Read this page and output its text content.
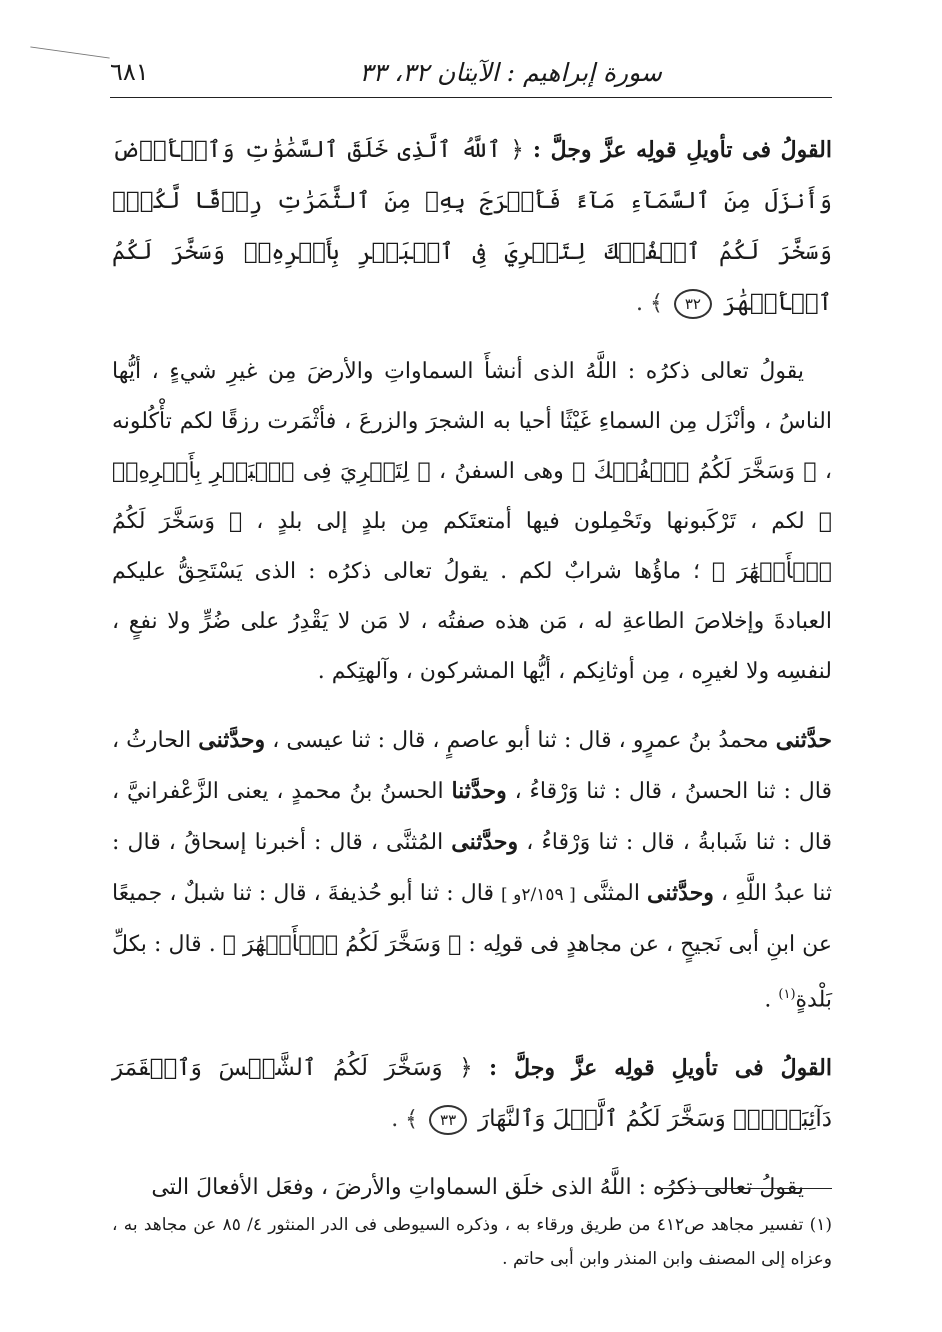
سورة إبراهيم : الآيتان ٣٢، ٣٣
٦٨١

القولُ فى تأويلِ قولِه عزَّ وجلَّ : ﴿ ٱللَّهُ ٱلَّذِى خَلَقَ ٱلسَّمَٰوَٰتِ وَٱلۡأَرۡضَ وَأَنزَلَ مِنَ ٱلسَّمَآءِ مَآءً فَأَخۡرَجَ بِهِۦ مِنَ ٱلثَّمَرَٰتِ رِزۡقًا لَّكُمۡۖ وَسَخَّرَ لَكُمُ ٱلۡفُلۡكَ لِتَجۡرِيَ فِى ٱلۡبَحۡرِ بِأَمۡرِهِۦۖ وَسَخَّرَ لَكُمُ ٱلۡأَنۡهَٰرَ ٣٢ ﴾ .

يقولُ تعالى ذكرُه : اللَّهُ الذى أنشأَ السماواتِ والأرضَ مِن غيرِ شيءٍ ، أيُّها الناسُ ، وأنْزَل مِن السماءِ غَيْثًا أحيا به الشجرَ والزرعَ ، فأثْمَرت رزقًا لكم تأْكُلونه ، ﴿ وَسَخَّرَ لَكُمُ ٱلۡفُلۡكَ ﴾ وهى السفنُ ، ﴿ لِتَجۡرِيَ فِى ٱلۡبَحۡرِ بِأَمۡرِهِۦۖ ﴾ لكم ، تَرْكَبونها وتَحْمِلون فيها أمتعتَكم مِن بلدٍ إلى بلدٍ ، ﴿ وَسَخَّرَ لَكُمُ ٱلۡأَنۡهَٰرَ ﴾ ؛ ماؤُها شرابٌ لكم . يقولُ تعالى ذكرُه : الذى يَسْتَحِقُّ عليكم العبادةَ وإخلاصَ الطاعةِ له ، مَن هذه صفتُه ، لا مَن لا يَقْدِرُ على ضُرٍّ ولا نفعٍ ، لنفسِه ولا لغيرِه ، مِن أوثانِكم ، أيُّها المشركون ، وآلهتِكم .

حدَّثنى محمدُ بنُ عمرٍو ، قال : ثنا أبو عاصمٍ ، قال : ثنا عيسى ، وحدَّثنى الحارثُ ، قال : ثنا الحسنُ ، قال : ثنا وَرْقاءُ ، وحدَّثنا الحسنُ بنُ محمدٍ ، يعنى الزَّعْفرانيَّ ، قال : ثنا شَبابةُ ، قال : ثنا وَرْقاءُ ، وحدَّثنى المُثنَّى ، قال : أخبرنا إسحاقُ ، قال : ثنا عبدُ اللَّهِ ، وحدَّثنى المثنَّى [ ٢/١٥٩و ] قال : ثنا أبو حُذيفةَ ، قال : ثنا شبلٌ ، جميعًا عن ابنِ أبى نَجيحٍ ، عن مجاهدٍ فى قولِه : ﴿ وَسَخَّرَ لَكُمُ ٱلۡأَنۡهَٰرَ ﴾ . قال : بكلِّ بَلْدةٍ$^{(١)}$ .

القولُ فى تأويلِ قولِه عزَّ وجلَّ : ﴿ وَسَخَّرَ لَكُمُ ٱلشَّمۡسَ وَٱلۡقَمَرَ دَآئِبَيۡنِۖ وَسَخَّرَ لَكُمُ ٱلَّيۡلَ وَٱلنَّهَارَ ٣٣ ﴾ .

يقولُ تعالى ذكرُه : اللَّهُ الذى خلَق السماواتِ والأرضَ ، وفعَل الأفعالَ التى

(١) تفسير مجاهد ص٤١٢ من طريق ورقاء به ، وذكره السيوطى فى الدر المنثور ٤/ ٨٥ عن مجاهد به ، وعزاه إلى المصنف وابن المنذر وابن أبى حاتم .
